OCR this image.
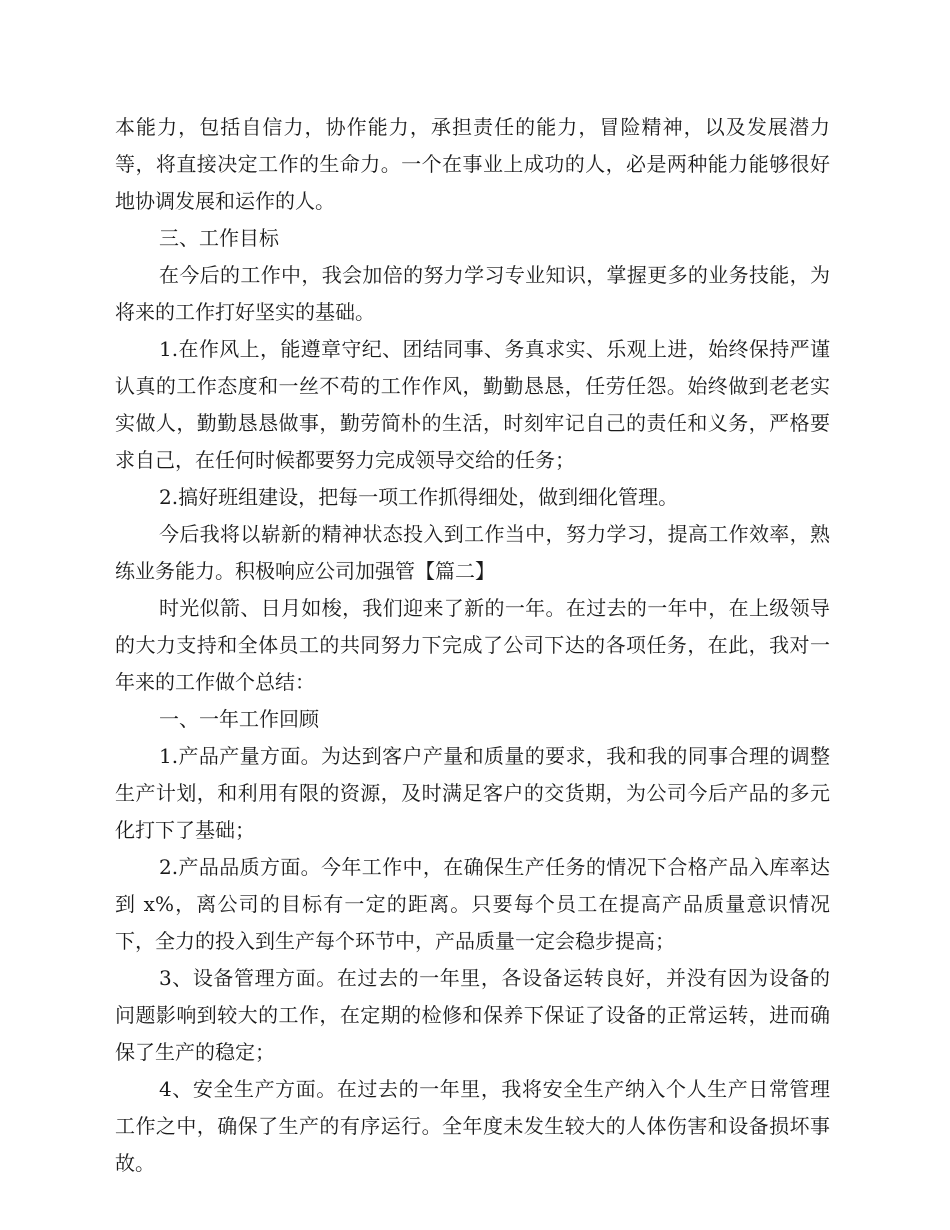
本能力，包括自信力，协作能力，承担责任的能力，冒险精神，以及发展潜力等，将直接决定工作的生命力。一个在事业上成功的人，必是两种能力能够很好地协调发展和运作的人。

三、工作目标

在今后的工作中，我会加倍的努力学习专业知识，掌握更多的业务技能，为将来的工作打好坚实的基础。

1.在作风上，能遵章守纪、团结同事、务真求实、乐观上进，始终保持严谨认真的工作态度和一丝不苟的工作作风，勤勤恳恳，任劳任怨。始终做到老老实实做人，勤勤恳恳做事，勤劳简朴的生活，时刻牢记自己的责任和义务，严格要求自己，在任何时候都要努力完成领导交给的任务；

2.搞好班组建设，把每一项工作抓得细处，做到细化管理。

今后我将以崭新的精神状态投入到工作当中，努力学习，提高工作效率，熟练业务能力。积极响应公司加强管【篇二】

时光似箭、日月如梭，我们迎来了新的一年。在过去的一年中，在上级领导的大力支持和全体员工的共同努力下完成了公司下达的各项任务，在此，我对一年来的工作做个总结：

一、一年工作回顾

1.产品产量方面。为达到客户产量和质量的要求，我和我的同事合理的调整生产计划，和利用有限的资源，及时满足客户的交货期，为公司今后产品的多元化打下了基础；

2.产品品质方面。今年工作中，在确保生产任务的情况下合格产品入库率达到 x%，离公司的目标有一定的距离。只要每个员工在提高产品质量意识情况下，全力的投入到生产每个环节中，产品质量一定会稳步提高；

3、设备管理方面。在过去的一年里，各设备运转良好，并没有因为设备的问题影响到较大的工作，在定期的检修和保养下保证了设备的正常运转，进而确保了生产的稳定；

4、安全生产方面。在过去的一年里，我将安全生产纳入个人生产日常管理工作之中，确保了生产的有序运行。全年度未发生较大的人体伤害和设备损坏事故。
